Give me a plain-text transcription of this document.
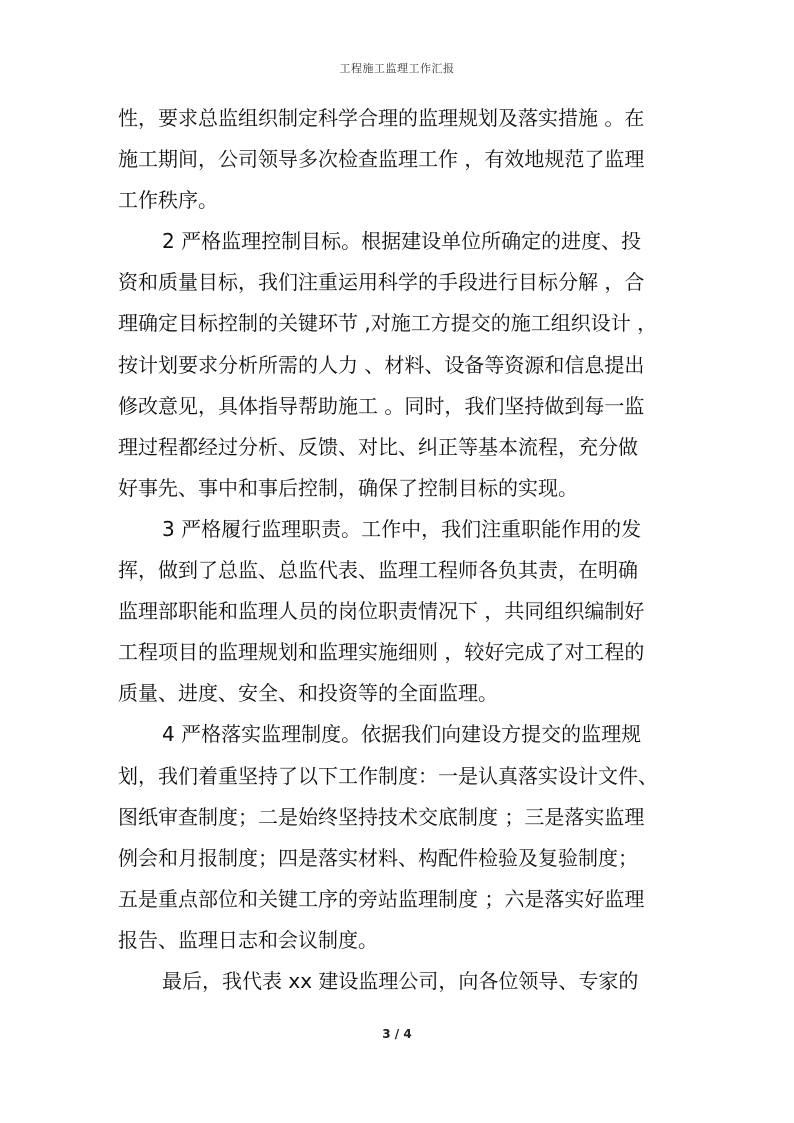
工程施工监理工作汇报
性，要求总监组织制定科学合理的监理规划及落实措施 。在
施工期间，公司领导多次检查监理工作 ，有效地规范了监理
工作秩序。
2 严格监理控制目标。根据建设单位所确定的进度、投
资和质量目标，我们注重运用科学的手段进行目标分解 ，合
理确定目标控制的关键环节 ,对施工方提交的施工组织设计 ，
按计划要求分析所需的人力 、材料、设备等资源和信息提出
修改意见，具体指导帮助施工 。同时，我们坚持做到每一监
理过程都经过分析、反馈、对比、纠正等基本流程，充分做
好事先、事中和事后控制，确保了控制目标的实现。
3 严格履行监理职责。工作中，我们注重职能作用的发
挥，做到了总监、总监代表、监理工程师各负其责，在明确
监理部职能和监理人员的岗位职责情况下 ，共同组织编制好
工程项目的监理规划和监理实施细则 ，较好完成了对工程的
质量、进度、安全、和投资等的全面监理。
4 严格落实监理制度。依据我们向建设方提交的监理规
划，我们着重坚持了以下工作制度：一是认真落实设计文件、
图纸审查制度；二是始终坚持技术交底制度 ；三是落实监理
例会和月报制度；四是落实材料、构配件检验及复验制度；
五是重点部位和关键工序的旁站监理制度 ；六是落实好监理
报告、监理日志和会议制度。
最后，我代表 xx 建设监理公司，向各位领导、专家的
3 / 4
